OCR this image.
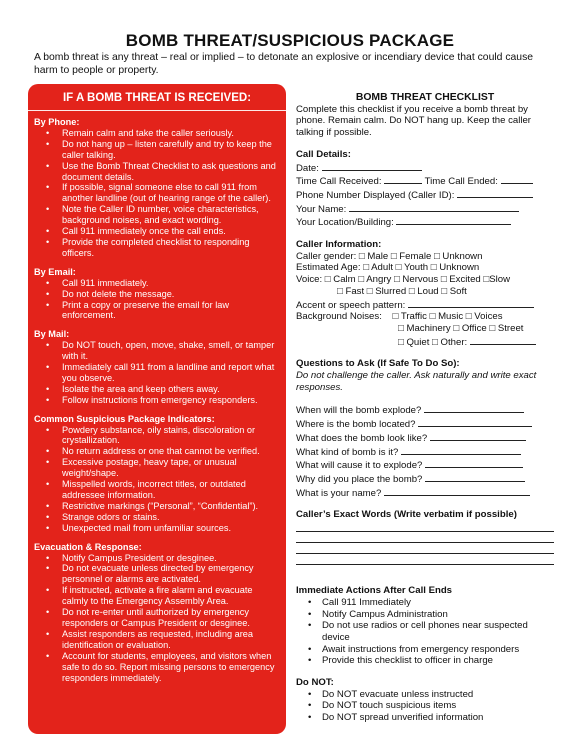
BOMB THREAT/SUSPICIOUS PACKAGE
A bomb threat is any threat – real or implied – to detonate an explosive or incendiary device that could cause harm to people or property.
IF A BOMB THREAT IS RECEIVED:
By Phone:
• Remain calm and take the caller seriously.
• Do not hang up – listen carefully and try to keep the caller talking.
• Use the Bomb Threat Checklist to ask questions and document details.
• If possible, signal someone else to call 911 from another landline (out of hearing range of the caller).
• Note the Caller ID number, voice characteristics, background noises, and exact wording.
• Call 911 immediately once the call ends.
• Provide the completed checklist to responding officers.
By Email:
• Call 911 immediately.
• Do not delete the message.
• Print a copy or preserve the email for law enforcement.
By Mail:
• Do NOT touch, open, move, shake, smell, or tamper with it.
• Immediately call 911 from a landline and report what you observe.
• Isolate the area and keep others away.
• Follow instructions from emergency responders.
Common Suspicious Package Indicators:
• Powdery substance, oily stains, discoloration or crystallization.
• No return address or one that cannot be verified.
• Excessive postage, heavy tape, or unusual weight/shape.
• Misspelled words, incorrect titles, or outdated addressee information.
• Restrictive markings (“Personal”, “Confidential”).
• Strange odors or stains.
• Unexpected mail from unfamiliar sources.
Evacuation & Response:
• Notify Campus President or desginee.
• Do not evacuate unless directed by emergency personnel or alarms are activated.
• If instructed, activate a fire alarm and evacuate calmly to the Emergency Assembly Area.
• Do not re-enter until authorized by emergency responders or Campus President or desginee.
• Assist responders as requested, including area identification or evaluation.
• Account for students, employees, and visitors when safe to do so. Report missing persons to emergency responders immediately.
BOMB THREAT CHECKLIST
Complete this checklist if you receive a bomb threat by phone. Remain calm. Do NOT hang up. Keep the caller talking if possible.
Call Details:
Date:
Time Call Received:	Time Call Ended:
Phone Number Displayed (Caller ID):
Your Name:
Your Location/Building:
Caller Information:
Caller gender: □ Male □ Female □ Unknown
Estimated Age: □ Adult □ Youth □ Unknown
Voice: □ Calm □ Angry □ Nervous □ Excited □Slow
□ Fast □ Slurred □ Loud □ Soft
Accent or speech pattern:
Background Noises: □ Traffic □ Music □ Voices
□ Machinery □ Office □ Street
□ Quiet □ Other:
Questions to Ask (If Safe To Do So):
Do not challenge the caller. Ask naturally and write exact responses.
When will the bomb explode?
Where is the bomb located?
What does the bomb look like?
What kind of bomb is it?
What will cause it to explode?
Why did you place the bomb?
What is your name?
Caller’s Exact Words (Write verbatim if possible)
Immediate Actions After Call Ends
• Call 911 Immediately
• Notify Campus Administration
• Do not use radios or cell phones near suspected device
• Await instructions from emergency responders
• Provide this checklist to officer in charge
Do NOT:
• Do NOT evacuate unless instructed
• Do NOT touch suspicious items
• Do NOT spread unverified information
